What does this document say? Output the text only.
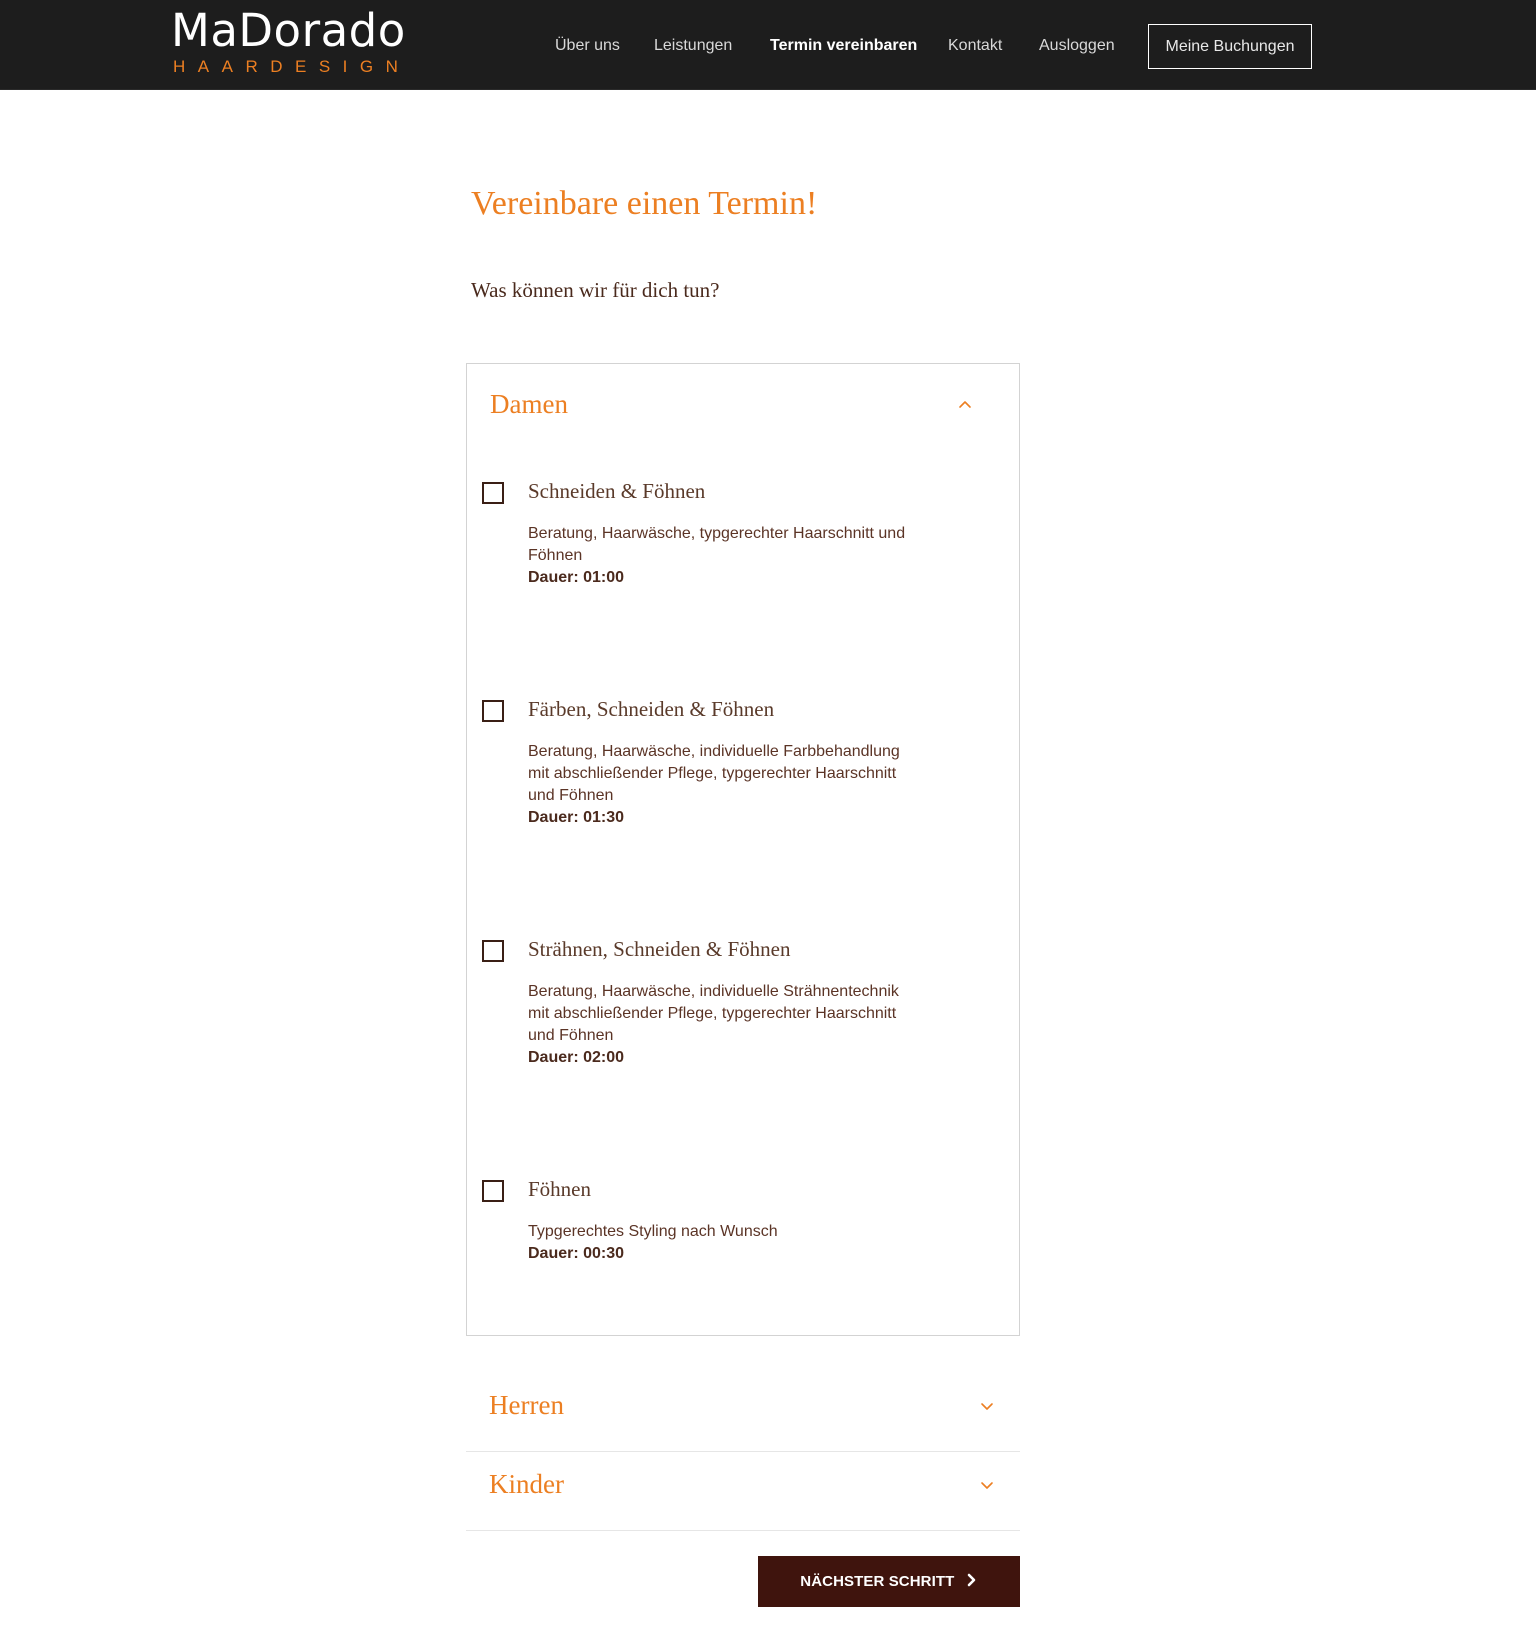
MaDorado
HAARDESIGN
Über uns Leistungen Termin vereinbaren Kontakt Ausloggen	Meine Buchungen
Vereinbare einen Termin!

Was können wir für dich tun?

Damen
Schneiden & Föhnen
Beratung, Haarwäsche, typgerechter Haarschnitt und Föhnen
Dauer: 01:00
Färben, Schneiden & Föhnen
Beratung, Haarwäsche, individuelle Farbbehandlung mit abschließender Pflege, typgerechter Haarschnitt und Föhnen
Dauer: 01:30
Strähnen, Schneiden & Föhnen
Beratung, Haarwäsche, individuelle Strähnentechnik mit abschließender Pflege, typgerechter Haarschnitt und Föhnen
Dauer: 02:00
Föhnen
Typgerechtes Styling nach Wunsch
Dauer: 00:30
Herren
Kinder
NÄCHSTER SCHRITT
